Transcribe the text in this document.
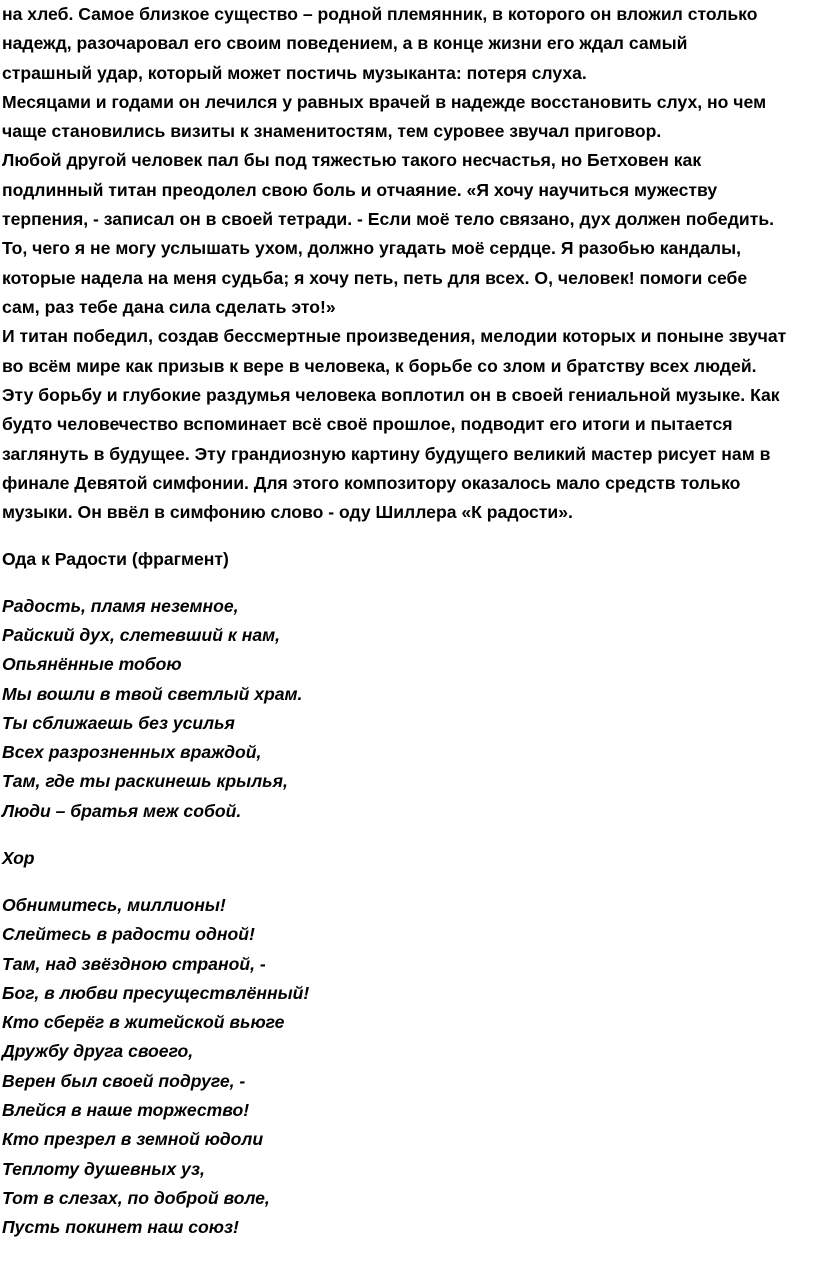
на хлеб. Самое близкое существо – родной племянник, в которого он вложил столько
надежд, разочаровал его своим поведением, а в конце жизни его ждал самый
страшный удар, который может постичь музыканта: потеря слуха.
Месяцами и годами он лечился у равных врачей в надежде восстановить слух, но чем
чаще становились визиты к знаменитостям, тем суровее звучал приговор.
Любой другой человек пал бы под тяжестью такого несчастья, но Бетховен как
подлинный титан преодолел свою боль и отчаяние. «Я хочу научиться мужеству
терпения, - записал он в своей тетради. - Если моё тело связано, дух должен победить.
То, чего я не могу услышать ухом, должно угадать моё сердце. Я разобью кандалы,
которые надела на меня судьба; я хочу петь, петь для всех. О, человек! помоги себе
сам, раз тебе дана сила сделать это!»
И титан победил, создав бессмертные произведения, мелодии которых и поныне звучат
во всём мире как призыв к вере в человека, к борьбе со злом и братству всех людей.
Эту борьбу и глубокие раздумья человека воплотил он в своей гениальной музыке. Как
будто человечество вспоминает всё своё прошлое, подводит его итоги и пытается
заглянуть в будущее. Эту грандиозную картину будущего великий мастер рисует нам в
финале Девятой симфонии. Для этого композитору оказалось мало средств только
музыки. Он ввёл в симфонию слово - оду Шиллера «К радости».
Ода к Радости (фрагмент)
Радость, пламя неземное,
Райский дух, слетевший к нам,
Опьянённые тобою
Мы вошли в твой светлый храм.
Ты сближаешь без усилья
Всех разрозненных враждой,
Там, где ты раскинешь крылья,
Люди – братья меж собой.
Хор
Обнимитесь, миллионы!
Слейтесь в радости одной!
Там, над звёздною страной, -
Бог, в любви пресуществлённый!
Кто сберёг в житейской вьюге
Дружбу друга своего,
Верен был своей подруге, -
Влейся в наше торжество!
Кто презрел в земной юдоли
Теплоту душевных уз,
Тот в слезах, по доброй воле,
Пусть покинет наш союз!
